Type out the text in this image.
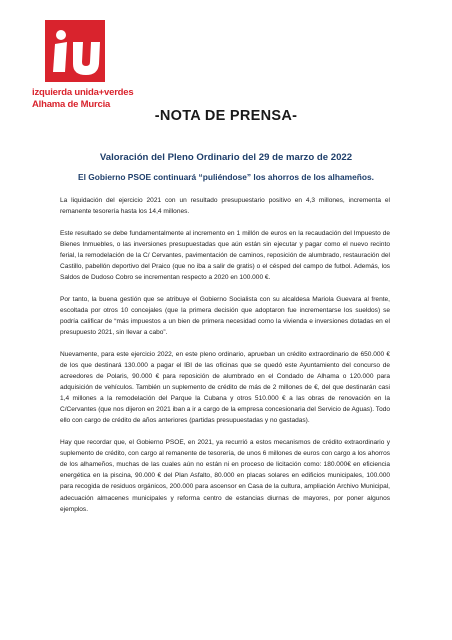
izquierda unida+verdes
Alhama de Murcia
-NOTA DE PRENSA-
Valoración del Pleno Ordinario del 29 de marzo de 2022
El Gobierno PSOE continuará “puliéndose” los ahorros de los alhameños.

La liquidación del ejercicio 2021 con un resultado presupuestario positivo en 4,3 millones, incrementa el remanente tesorería hasta los 14,4 millones.

Este resultado se debe fundamentalmente al incremento en 1 millón de euros en la recaudación del Impuesto de Bienes Inmuebles, o las inversiones presupuestadas que aún están sin ejecutar y pagar como el nuevo recinto ferial, la remodelación de la C/ Cervantes, pavimentación de caminos, reposición de alumbrado, restauración del Castillo, pabellón deportivo del Praico (que no iba a salir de gratis) o el césped del campo de futbol. Además, los Saldos de Dudoso Cobro se incrementan respecto a 2020 en 100.000 €.

Por tanto, la buena gestión que se atribuye el Gobierno Socialista con su alcaldesa Mariola Guevara al frente, escoltada por otros 10 concejales (que la primera decisión que adoptaron fue incrementarse los sueldos) se podría calificar de “más impuestos a un bien de primera necesidad como la vivienda e inversiones dotadas en el presupuesto 2021, sin llevar a cabo”.

Nuevamente, para este ejercicio 2022, en este pleno ordinario, aprueban un crédito extraordinario de 650.000 € de los que destinará 130.000 a pagar el IBI de las oficinas que se quedó este Ayuntamiento del concurso de acreedores de Polaris, 90.000 € para reposición de alumbrado en el Condado de Alhama o 120.000 para adquisición de vehículos. También un suplemento de crédito de más de 2 millones de €, del que destinarán casi 1,4 millones a la remodelación del Parque la Cubana y otros 510.000 € a las obras de renovación en la C/Cervantes (que nos dijeron en 2021 iban a ir a cargo de la empresa concesionaria del Servicio de Aguas). Todo ello con cargo de crédito de años anteriores (partidas presupuestadas y no gastadas).

Hay que recordar que, el Gobierno PSOE, en 2021, ya recurrió a estos mecanismos de crédito extraordinario y suplemento de crédito, con cargo al remanente de tesorería, de unos 6 millones de euros con cargo a los ahorros de los alhameños, muchas de las cuales aún no están ni en proceso de licitación como: 180.000€ en eficiencia energética en la piscina, 90.000 € del Plan Asfalto, 80.000 en placas solares en edificios municipales, 100.000 para recogida de residuos orgánicos, 200.000 para ascensor en Casa de la cultura, ampliación Archivo Municipal, adecuación almacenes municipales y reforma centro de estancias diurnas de mayores, por poner algunos ejemplos.
